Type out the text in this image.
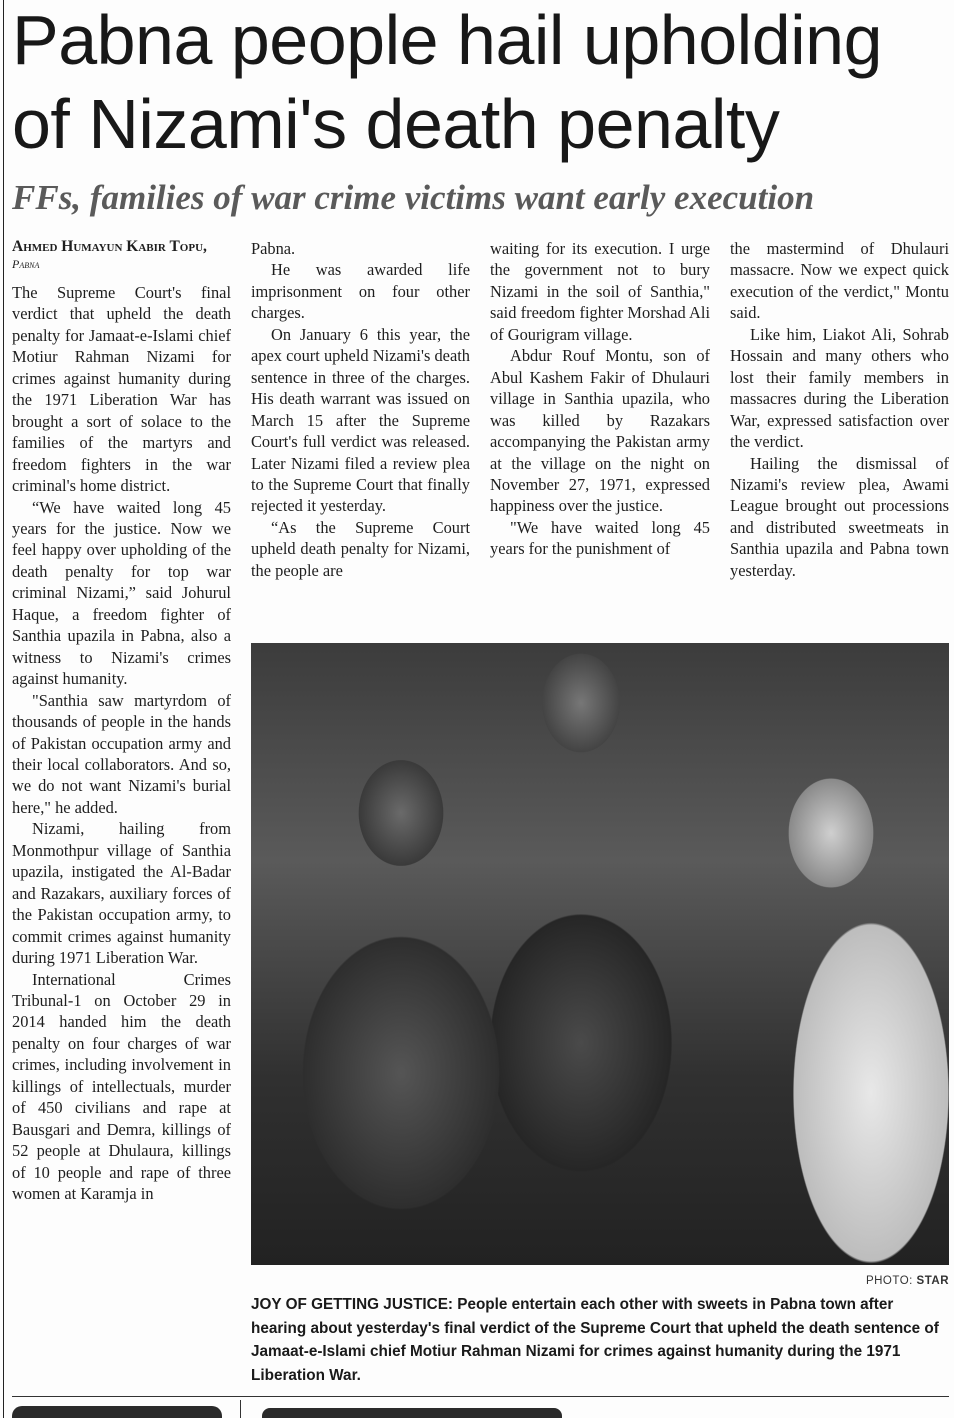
Pabna people hail upholding of Nizami's death penalty
FFs, families of war crime victims want early execution
Ahmed Humayun Kabir Topu, Pabna

The Supreme Court's final verdict that upheld the death penalty for Jamaat-e-Islami chief Motiur Rahman Nizami for crimes against humanity during the 1971 Liberation War has brought a sort of solace to the families of the martyrs and freedom fighters in the war criminal's home district.

“We have waited long 45 years for the justice. Now we feel happy over upholding of the death penalty for top war criminal Nizami,” said Johurul Haque, a freedom fighter of Santhia upazila in Pabna, also a witness to Nizami's crimes against humanity.

"Santhia saw martyrdom of thousands of people in the hands of Pakistan occupation army and their local collaborators. And so, we do not want Nizami's burial here," he added.

Nizami, hailing from Monmothpur village of Santhia upazila, instigated the Al-Badar and Razakars, auxiliary forces of the Pakistan occupation army, to commit crimes against humanity during 1971 Liberation War.

International Crimes Tribunal-1 on October 29 in 2014 handed him the death penalty on four charges of war crimes, including involvement in killings of intellectuals, murder of 450 civilians and rape at Bausgari and Demra, killings of 52 people at Dhulaura, killings of 10 people and rape of three women at Karamja in

Pabna.

He was awarded life imprisonment on four other charges.

On January 6 this year, the apex court upheld Nizami's death sentence in three of the charges. His death warrant was issued on March 15 after the Supreme Court's full verdict was released. Later Nizami filed a review plea to the Supreme Court that finally rejected it yesterday.

“As the Supreme Court upheld death penalty for Nizami, the people are

waiting for its execution. I urge the government not to bury Nizami in the soil of Santhia," said freedom fighter Morshad Ali of Gourigram village.

Abdur Rouf Montu, son of Abul Kashem Fakir of Dhulauri village in Santhia upazila, who was killed by Razakars accompanying the Pakistan army at the village on the night on November 27, 1971, expressed happiness over the justice.

"We have waited long 45 years for the punishment of

the mastermind of Dhulauri massacre. Now we expect quick execution of the verdict," Montu said.

Like him, Liakot Ali, Sohrab Hossain and many others who lost their family members in massacres during the Liberation War, expressed satisfaction over the verdict.

Hailing the dismissal of Nizami's review plea, Awami League brought out processions and distributed sweetmeats in Santhia upazila and Pabna town yesterday.

PHOTO: STAR
JOY OF GETTING JUSTICE: People entertain each other with sweets in Pabna town after hearing about yesterday's final verdict of the Supreme Court that upheld the death sentence of Jamaat-e-Islami chief Motiur Rahman Nizami for crimes against humanity during the 1971 Liberation War.
